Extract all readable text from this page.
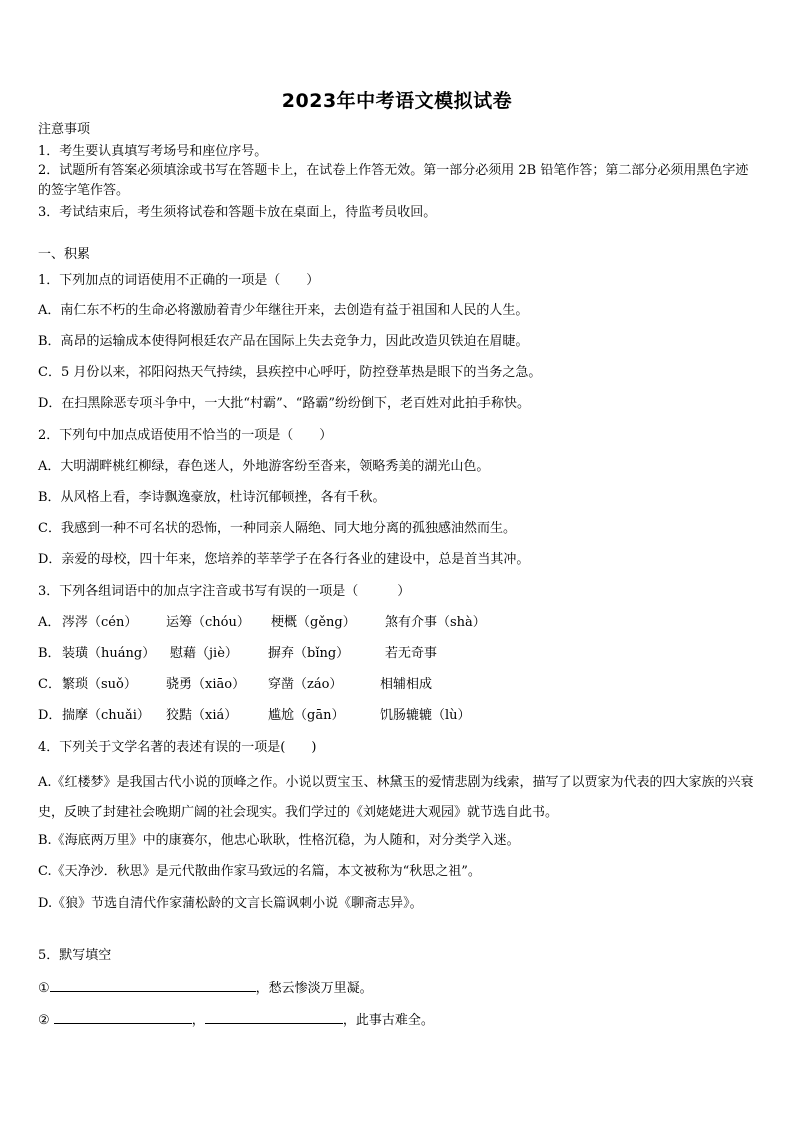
2023年中考语文模拟试卷
注意事项
1．考生要认真填写考场号和座位序号。
2．试题所有答案必须填涂或书写在答题卡上，在试卷上作答无效。第一部分必须用 2B 铅笔作答；第二部分必须用黑色字迹的签字笔作答。
3．考试结束后，考生须将试卷和答题卡放在桌面上，待监考员收回。
一、积累
1．下列加点的词语使用不正确的一项是（　　）
A．南仁东不朽的生命必将激励着青少年继往开来，去创造有益于祖国和人民的人生。
B．高昂的运输成本使得阿根廷农产品在国际上失去竞争力，因此改造贝铁迫在眉睫。
C．5 月份以来，祁阳闷热天气持续，县疾控中心呼吁，防控登革热是眼下的当务之急。
D．在扫黑除恶专项斗争中，一大批“村霸”、“路霸”纷纷倒下，老百姓对此拍手称快。
2．下列句中加点成语使用不恰当的一项是（　　）
A．大明湖畔桃红柳绿，春色迷人，外地游客纷至沓来，领略秀美的湖光山色。
B．从风格上看，李诗飘逸豪放，杜诗沉郁顿挫，各有千秋。
C．我感到一种不可名状的恐怖，一种同亲人隔绝、同大地分离的孤独感油然而生。
D．亲爱的母校，四十年来，您培养的莘莘学子在各行各业的建设中，总是首当其冲。
3．下列各组词语中的加点字注音或书写有误的一项是（　　　）
A． 涔涔（cén） 运筹（chóu） 梗概（gěng） 煞有介事（shà）
B． 装璜（huáng） 慰藉（jiè） 摒弃（bǐng）	若无奇事
C． 繁琐（suǒ） 骁勇（xiāo） 穿凿（záo）	相辅相成
D． 揣摩（chuǎi） 狡黠（xiá） 尴尬（gān）	饥肠辘辘（lù）
4．下列关于文学名著的表述有误的一项是(　　)
A.《红楼梦》是我国古代小说的顶峰之作。小说以贾宝玉、林黛玉的爱情悲剧为线索，描写了以贾家为代表的四大家族的兴衰史，反映了封建社会晚期广阔的社会现实。我们学过的《刘姥姥进大观园》就节选自此书。
B.《海底两万里》中的康赛尔，他忠心耿耿，性格沉稳，为人随和，对分类学入迷。
C.《天净沙．秋思》是元代散曲作家马致远的名篇，本文被称为“秋思之祖”。
D.《狼》节选自清代作家蒲松龄的文言长篇讽刺小说《聊斋志异》。
5．默写填空
①	，愁云惨淡万里凝。
②	，	，此事古难全。
